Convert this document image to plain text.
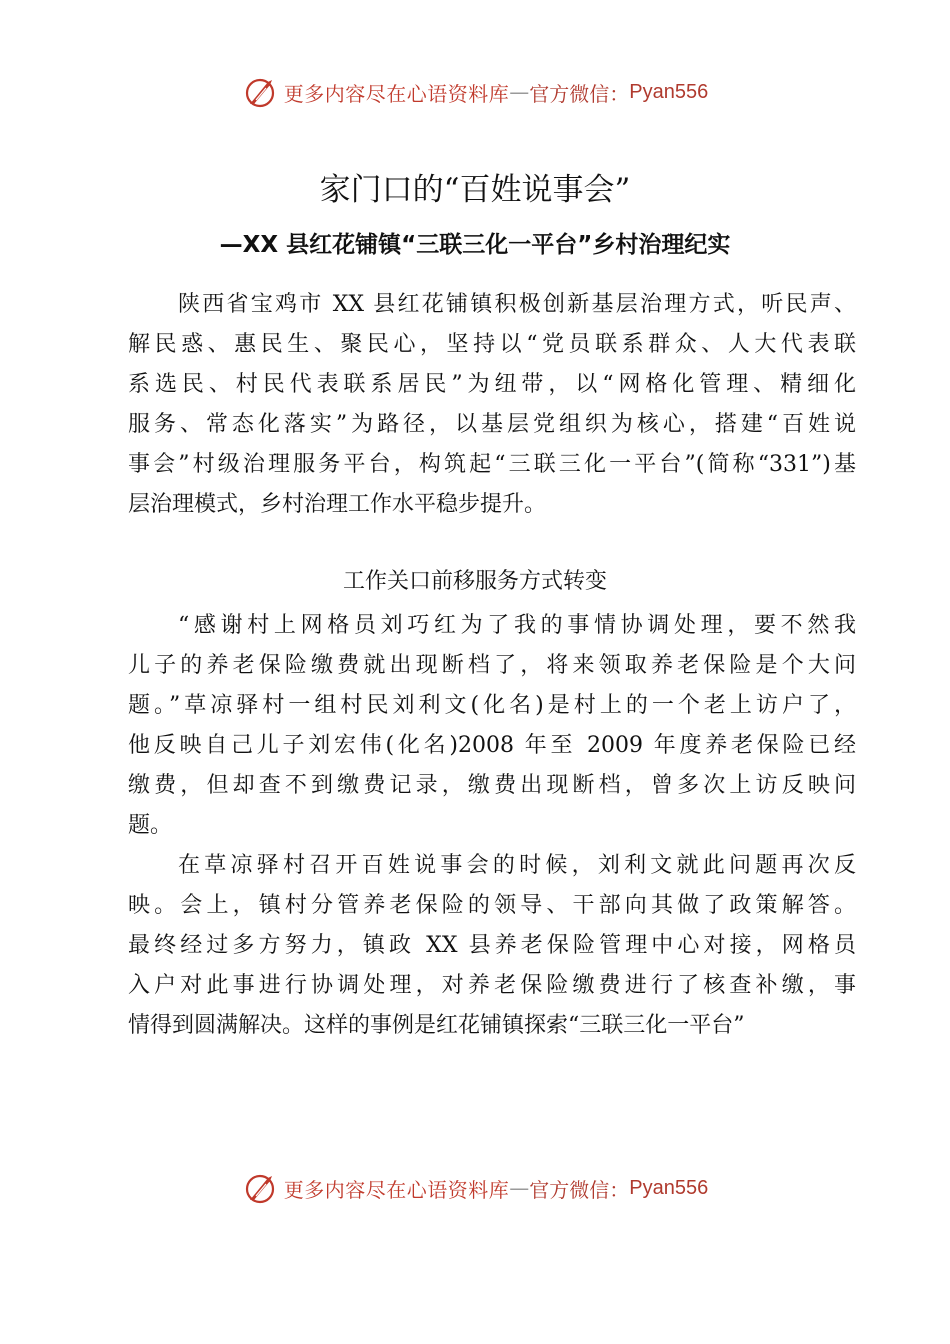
更多内容尽在心语资料库 — 官方微信： Pyan556
家门口的“百姓说事会”
—XX 县红花铺镇“三联三化一平台”乡村治理纪实
陕西省宝鸡市 XX 县红花铺镇积极创新基层治理方式，听民声、
解民惑、惠民生、聚民心，坚持以“党员联系群众、人大代表联
系选民、村民代表联系居民”为纽带，以“网格化管理、精细化
服务、常态化落实”为路径，以基层党组织为核心，搭建“百姓说
事会”村级治理服务平台，构筑起“三联三化一平台”(简称“331”)基
层治理模式，乡村治理工作水平稳步提升。
工作关口前移服务方式转变
“感谢村上网格员刘巧红为了我的事情协调处理，要不然我
儿子的养老保险缴费就出现断档了，将来领取养老保险是个大问
题。”草凉驿村一组村民刘利文(化名)是村上的一个老上访户了，
他反映自己儿子刘宏伟(化名)2008 年至 2009 年度养老保险已经
缴费，但却查不到缴费记录，缴费出现断档，曾多次上访反映问
题。
在草凉驿村召开百姓说事会的时候，刘利文就此问题再次反
映。会上，镇村分管养老保险的领导、干部向其做了政策解答。
最终经过多方努力，镇政 XX 县养老保险管理中心对接，网格员
入户对此事进行协调处理，对养老保险缴费进行了核查补缴，事
情得到圆满解决。这样的事例是红花铺镇探索“三联三化一平台”
更多内容尽在心语资料库 — 官方微信： Pyan556
